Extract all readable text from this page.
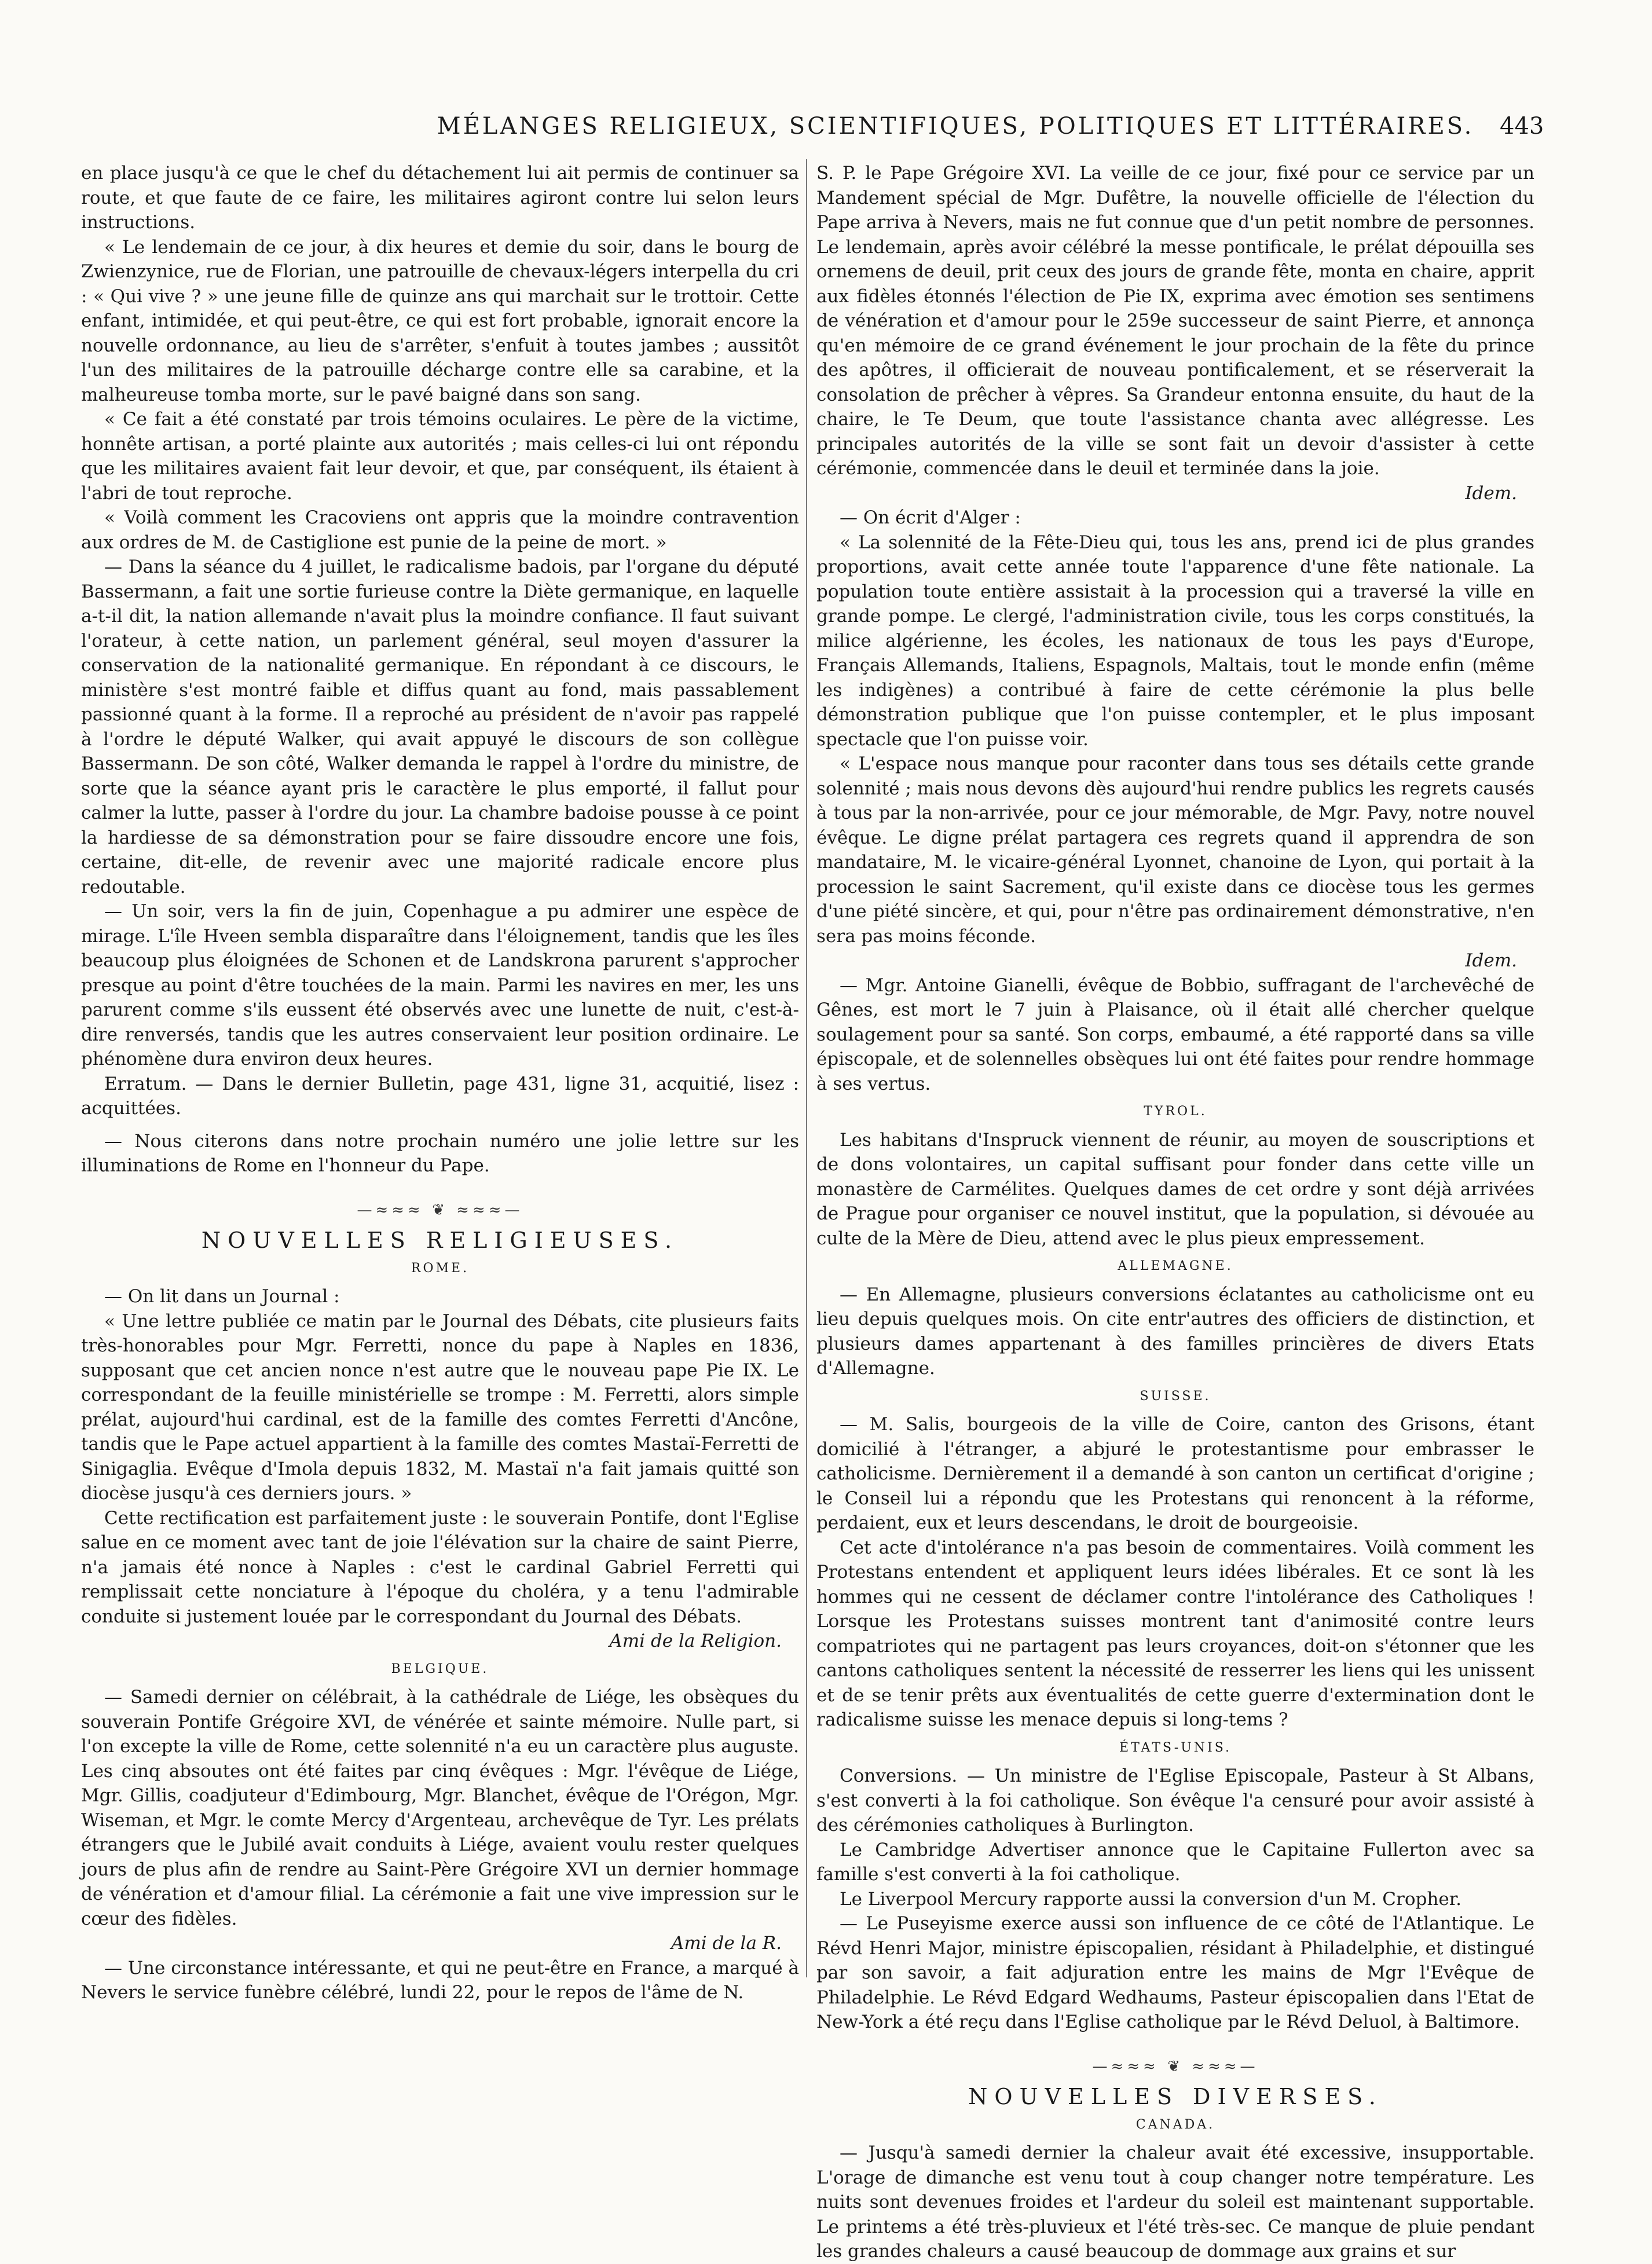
MÉLANGES RELIGIEUX, SCIENTIFIQUES, POLITIQUES ET LITTÉRAIRES.	443

en place jusqu'à ce que le chef du détachement lui ait permis de continuer sa route, et que faute de ce faire, les militaires agiront contre lui selon leurs instructions.

« Le lendemain de ce jour, à dix heures et demie du soir, dans le bourg de Zwienzynice, rue de Florian, une patrouille de chevaux-légers interpella du cri : « Qui vive ? » une jeune fille de quinze ans qui marchait sur le trottoir. Cette enfant, intimidée, et qui peut-être, ce qui est fort probable, ignorait encore la nouvelle ordonnance, au lieu de s'arrêter, s'enfuit à toutes jambes ; aussitôt l'un des militaires de la patrouille décharge contre elle sa carabine, et la malheureuse tomba morte, sur le pavé baigné dans son sang.

« Ce fait a été constaté par trois témoins oculaires. Le père de la victime, honnête artisan, a porté plainte aux autorités ; mais celles-ci lui ont répondu que les militaires avaient fait leur devoir, et que, par conséquent, ils étaient à l'abri de tout reproche.

« Voilà comment les Cracoviens ont appris que la moindre contravention aux ordres de M. de Castiglione est punie de la peine de mort. »

— Dans la séance du 4 juillet, le radicalisme badois, par l'organe du député Bassermann, a fait une sortie furieuse contre la Diète germanique, en laquelle a-t-il dit, la nation allemande n'avait plus la moindre confiance. Il faut suivant l'orateur, à cette nation, un parlement général, seul moyen d'assurer la conservation de la nationalité germanique. En répondant à ce discours, le ministère s'est montré faible et diffus quant au fond, mais passablement passionné quant à la forme. Il a reproché au président de n'avoir pas rappelé à l'ordre le député Walker, qui avait appuyé le discours de son collègue Bassermann. De son côté, Walker demanda le rappel à l'ordre du ministre, de sorte que la séance ayant pris le caractère le plus emporté, il fallut pour calmer la lutte, passer à l'ordre du jour. La chambre badoise pousse à ce point la hardiesse de sa démonstration pour se faire dissoudre encore une fois, certaine, dit-elle, de revenir avec une majorité radicale encore plus redoutable.

— Un soir, vers la fin de juin, Copenhague a pu admirer une espèce de mirage. L'île Hveen sembla disparaître dans l'éloignement, tandis que les îles beaucoup plus éloignées de Schonen et de Landskrona parurent s'approcher presque au point d'être touchées de la main. Parmi les navires en mer, les uns parurent comme s'ils eussent été observés avec une lunette de nuit, c'est-à-dire renversés, tandis que les autres conservaient leur position ordinaire. Le phénomène dura environ deux heures.

Erratum. — Dans le dernier Bulletin, page 431, ligne 31, acquitié, lisez : acquittées.

— Nous citerons dans notre prochain numéro une jolie lettre sur les illuminations de Rome en l'honneur du Pape.

—≈≈≈ ❦ ≈≈≈—
NOUVELLES RELIGIEUSES.
ROME.

— On lit dans un Journal :

« Une lettre publiée ce matin par le Journal des Débats, cite plusieurs faits très-honorables pour Mgr. Ferretti, nonce du pape à Naples en 1836, supposant que cet ancien nonce n'est autre que le nouveau pape Pie IX. Le correspondant de la feuille ministérielle se trompe : M. Ferretti, alors simple prélat, aujourd'hui cardinal, est de la famille des comtes Ferretti d'Ancône, tandis que le Pape actuel appartient à la famille des comtes Mastaï-Ferretti de Sinigaglia. Evêque d'Imola depuis 1832, M. Mastaï n'a fait jamais quitté son diocèse jusqu'à ces derniers jours. »

Cette rectification est parfaitement juste : le souverain Pontife, dont l'Eglise salue en ce moment avec tant de joie l'élévation sur la chaire de saint Pierre, n'a jamais été nonce à Naples : c'est le cardinal Gabriel Ferretti qui remplissait cette nonciature à l'époque du choléra, y a tenu l'admirable conduite si justement louée par le correspondant du Journal des Débats.

Ami de la Religion.

BELGIQUE.

— Samedi dernier on célébrait, à la cathédrale de Liége, les obsèques du souverain Pontife Grégoire XVI, de vénérée et sainte mémoire. Nulle part, si l'on excepte la ville de Rome, cette solennité n'a eu un caractère plus auguste. Les cinq absoutes ont été faites par cinq évêques : Mgr. l'évêque de Liége, Mgr. Gillis, coadjuteur d'Edimbourg, Mgr. Blanchet, évêque de l'Orégon, Mgr. Wiseman, et Mgr. le comte Mercy d'Argenteau, archevêque de Tyr. Les prélats étrangers que le Jubilé avait conduits à Liége, avaient voulu rester quelques jours de plus afin de rendre au Saint-Père Grégoire XVI un dernier hommage de vénération et d'amour filial. La cérémonie a fait une vive impression sur le cœur des fidèles.

Ami de la R.

— Une circonstance intéressante, et qui ne peut-être en France, a marqué à Nevers le service funèbre célébré, lundi 22, pour le repos de l'âme de N.

S. P. le Pape Grégoire XVI. La veille de ce jour, fixé pour ce service par un Mandement spécial de Mgr. Dufêtre, la nouvelle officielle de l'élection du Pape arriva à Nevers, mais ne fut connue que d'un petit nombre de personnes. Le lendemain, après avoir célébré la messe pontificale, le prélat dépouilla ses ornemens de deuil, prit ceux des jours de grande fête, monta en chaire, apprit aux fidèles étonnés l'élection de Pie IX, exprima avec émotion ses sentimens de vénération et d'amour pour le 259e successeur de saint Pierre, et annonça qu'en mémoire de ce grand événement le jour prochain de la fête du prince des apôtres, il officierait de nouveau pontificalement, et se réserverait la consolation de prêcher à vêpres. Sa Grandeur entonna ensuite, du haut de la chaire, le Te Deum, que toute l'assistance chanta avec allégresse. Les principales autorités de la ville se sont fait un devoir d'assister à cette cérémonie, commencée dans le deuil et terminée dans la joie.

Idem.

— On écrit d'Alger :

« La solennité de la Fête-Dieu qui, tous les ans, prend ici de plus grandes proportions, avait cette année toute l'apparence d'une fête nationale. La population toute entière assistait à la procession qui a traversé la ville en grande pompe. Le clergé, l'administration civile, tous les corps constitués, la milice algérienne, les écoles, les nationaux de tous les pays d'Europe, Français Allemands, Italiens, Espagnols, Maltais, tout le monde enfin (même les indigènes) a contribué à faire de cette cérémonie la plus belle démonstration publique que l'on puisse contempler, et le plus imposant spectacle que l'on puisse voir.

« L'espace nous manque pour raconter dans tous ses détails cette grande solennité ; mais nous devons dès aujourd'hui rendre publics les regrets causés à tous par la non-arrivée, pour ce jour mémorable, de Mgr. Pavy, notre nouvel évêque. Le digne prélat partagera ces regrets quand il apprendra de son mandataire, M. le vicaire-général Lyonnet, chanoine de Lyon, qui portait à la procession le saint Sacrement, qu'il existe dans ce diocèse tous les germes d'une piété sincère, et qui, pour n'être pas ordinairement démonstrative, n'en sera pas moins féconde.

Idem.

— Mgr. Antoine Gianelli, évêque de Bobbio, suffragant de l'archevêché de Gênes, est mort le 7 juin à Plaisance, où il était allé chercher quelque soulagement pour sa santé. Son corps, embaumé, a été rapporté dans sa ville épiscopale, et de solennelles obsèques lui ont été faites pour rendre hommage à ses vertus.

TYROL.

Les habitans d'Inspruck viennent de réunir, au moyen de souscriptions et de dons volontaires, un capital suffisant pour fonder dans cette ville un monastère de Carmélites. Quelques dames de cet ordre y sont déjà arrivées de Prague pour organiser ce nouvel institut, que la population, si dévouée au culte de la Mère de Dieu, attend avec le plus pieux empressement.

ALLEMAGNE.

— En Allemagne, plusieurs conversions éclatantes au catholicisme ont eu lieu depuis quelques mois. On cite entr'autres des officiers de distinction, et plusieurs dames appartenant à des familles princières de divers Etats d'Allemagne.

SUISSE.

— M. Salis, bourgeois de la ville de Coire, canton des Grisons, étant domicilié à l'étranger, a abjuré le protestantisme pour embrasser le catholicisme. Dernièrement il a demandé à son canton un certificat d'origine ; le Conseil lui a répondu que les Protestans qui renoncent à la réforme, perdaient, eux et leurs descendans, le droit de bourgeoisie.

Cet acte d'intolérance n'a pas besoin de commentaires. Voilà comment les Protestans entendent et appliquent leurs idées libérales. Et ce sont là les hommes qui ne cessent de déclamer contre l'intolérance des Catholiques ! Lorsque les Protestans suisses montrent tant d'animosité contre leurs compatriotes qui ne partagent pas leurs croyances, doit-on s'étonner que les cantons catholiques sentent la nécessité de resserrer les liens qui les unissent et de se tenir prêts aux éventualités de cette guerre d'extermination dont le radicalisme suisse les menace depuis si long-tems ?

ÉTATS-UNIS.

Conversions. — Un ministre de l'Eglise Episcopale, Pasteur à St Albans, s'est converti à la foi catholique. Son évêque l'a censuré pour avoir assisté à des cérémonies catholiques à Burlington.

Le Cambridge Advertiser annonce que le Capitaine Fullerton avec sa famille s'est converti à la foi catholique.

Le Liverpool Mercury rapporte aussi la conversion d'un M. Cropher.

— Le Puseyisme exerce aussi son influence de ce côté de l'Atlantique. Le Révd Henri Major, ministre épiscopalien, résidant à Philadelphie, et distingué par son savoir, a fait adjuration entre les mains de Mgr l'Evêque de Philadelphie. Le Révd Edgard Wedhaums, Pasteur épiscopalien dans l'Etat de New-York a été reçu dans l'Eglise catholique par le Révd Deluol, à Baltimore.

—≈≈≈ ❦ ≈≈≈—
NOUVELLES DIVERSES.
CANADA.

— Jusqu'à samedi dernier la chaleur avait été excessive, insupportable. L'orage de dimanche est venu tout à coup changer notre température. Les nuits sont devenues froides et l'ardeur du soleil est maintenant supportable. Le printems a été très-pluvieux et l'été très-sec. Ce manque de pluie pendant les grandes chaleurs a causé beaucoup de dommage aux grains et sur
